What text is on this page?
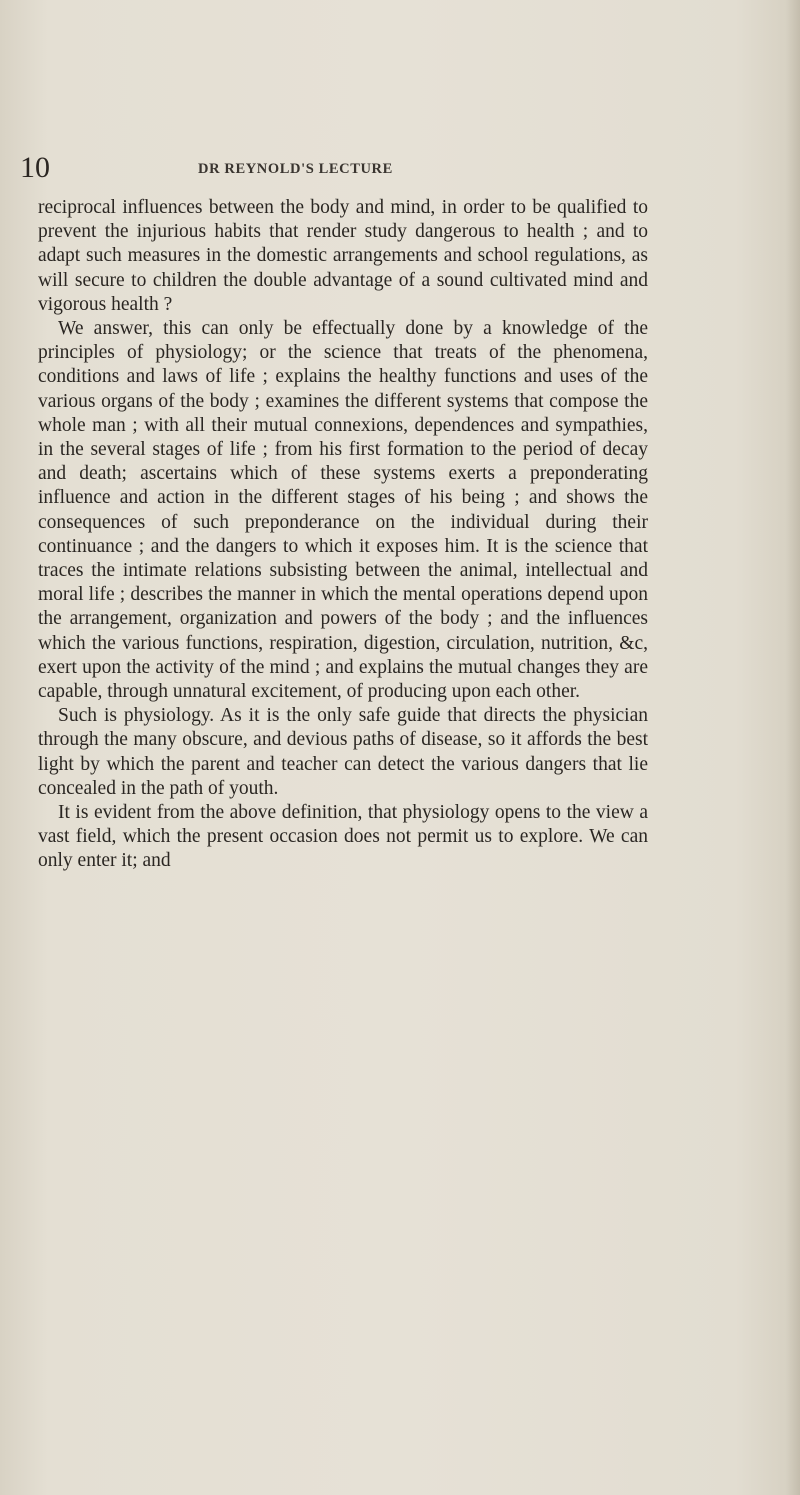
10	DR REYNOLD'S LECTURE

reciprocal influences between the body and mind, in order to be qualified to prevent the injurious habits that render study dangerous to health ; and to adapt such measures in the domestic arrangements and school regulations, as will secure to children the double advantage of a sound cultivated mind and vigorous health ?

We answer, this can only be effectually done by a knowledge of the principles of physiology; or the science that treats of the phenomena, conditions and laws of life ; explains the healthy functions and uses of the various organs of the body ; examines the different systems that compose the whole man ; with all their mutual connexions, dependences and sympathies, in the several stages of life ; from his first formation to the period of decay and death; ascertains which of these systems exerts a preponderating influence and action in the different stages of his being ; and shows the consequences of such preponderance on the individual during their continuance ; and the dangers to which it exposes him. It is the science that traces the intimate relations subsisting between the animal, intellectual and moral life ; describes the manner in which the mental operations depend upon the arrangement, organization and powers of the body ; and the influences which the various functions, respiration, digestion, circulation, nutrition, &c, exert upon the activity of the mind ; and explains the mutual changes they are capable, through unnatural excitement, of producing upon each other.

Such is physiology. As it is the only safe guide that directs the physician through the many obscure, and devious paths of disease, so it affords the best light by which the parent and teacher can detect the various dangers that lie concealed in the path of youth.

It is evident from the above definition, that physiology opens to the view a vast field, which the present occasion does not permit us to explore. We can only enter it; and
